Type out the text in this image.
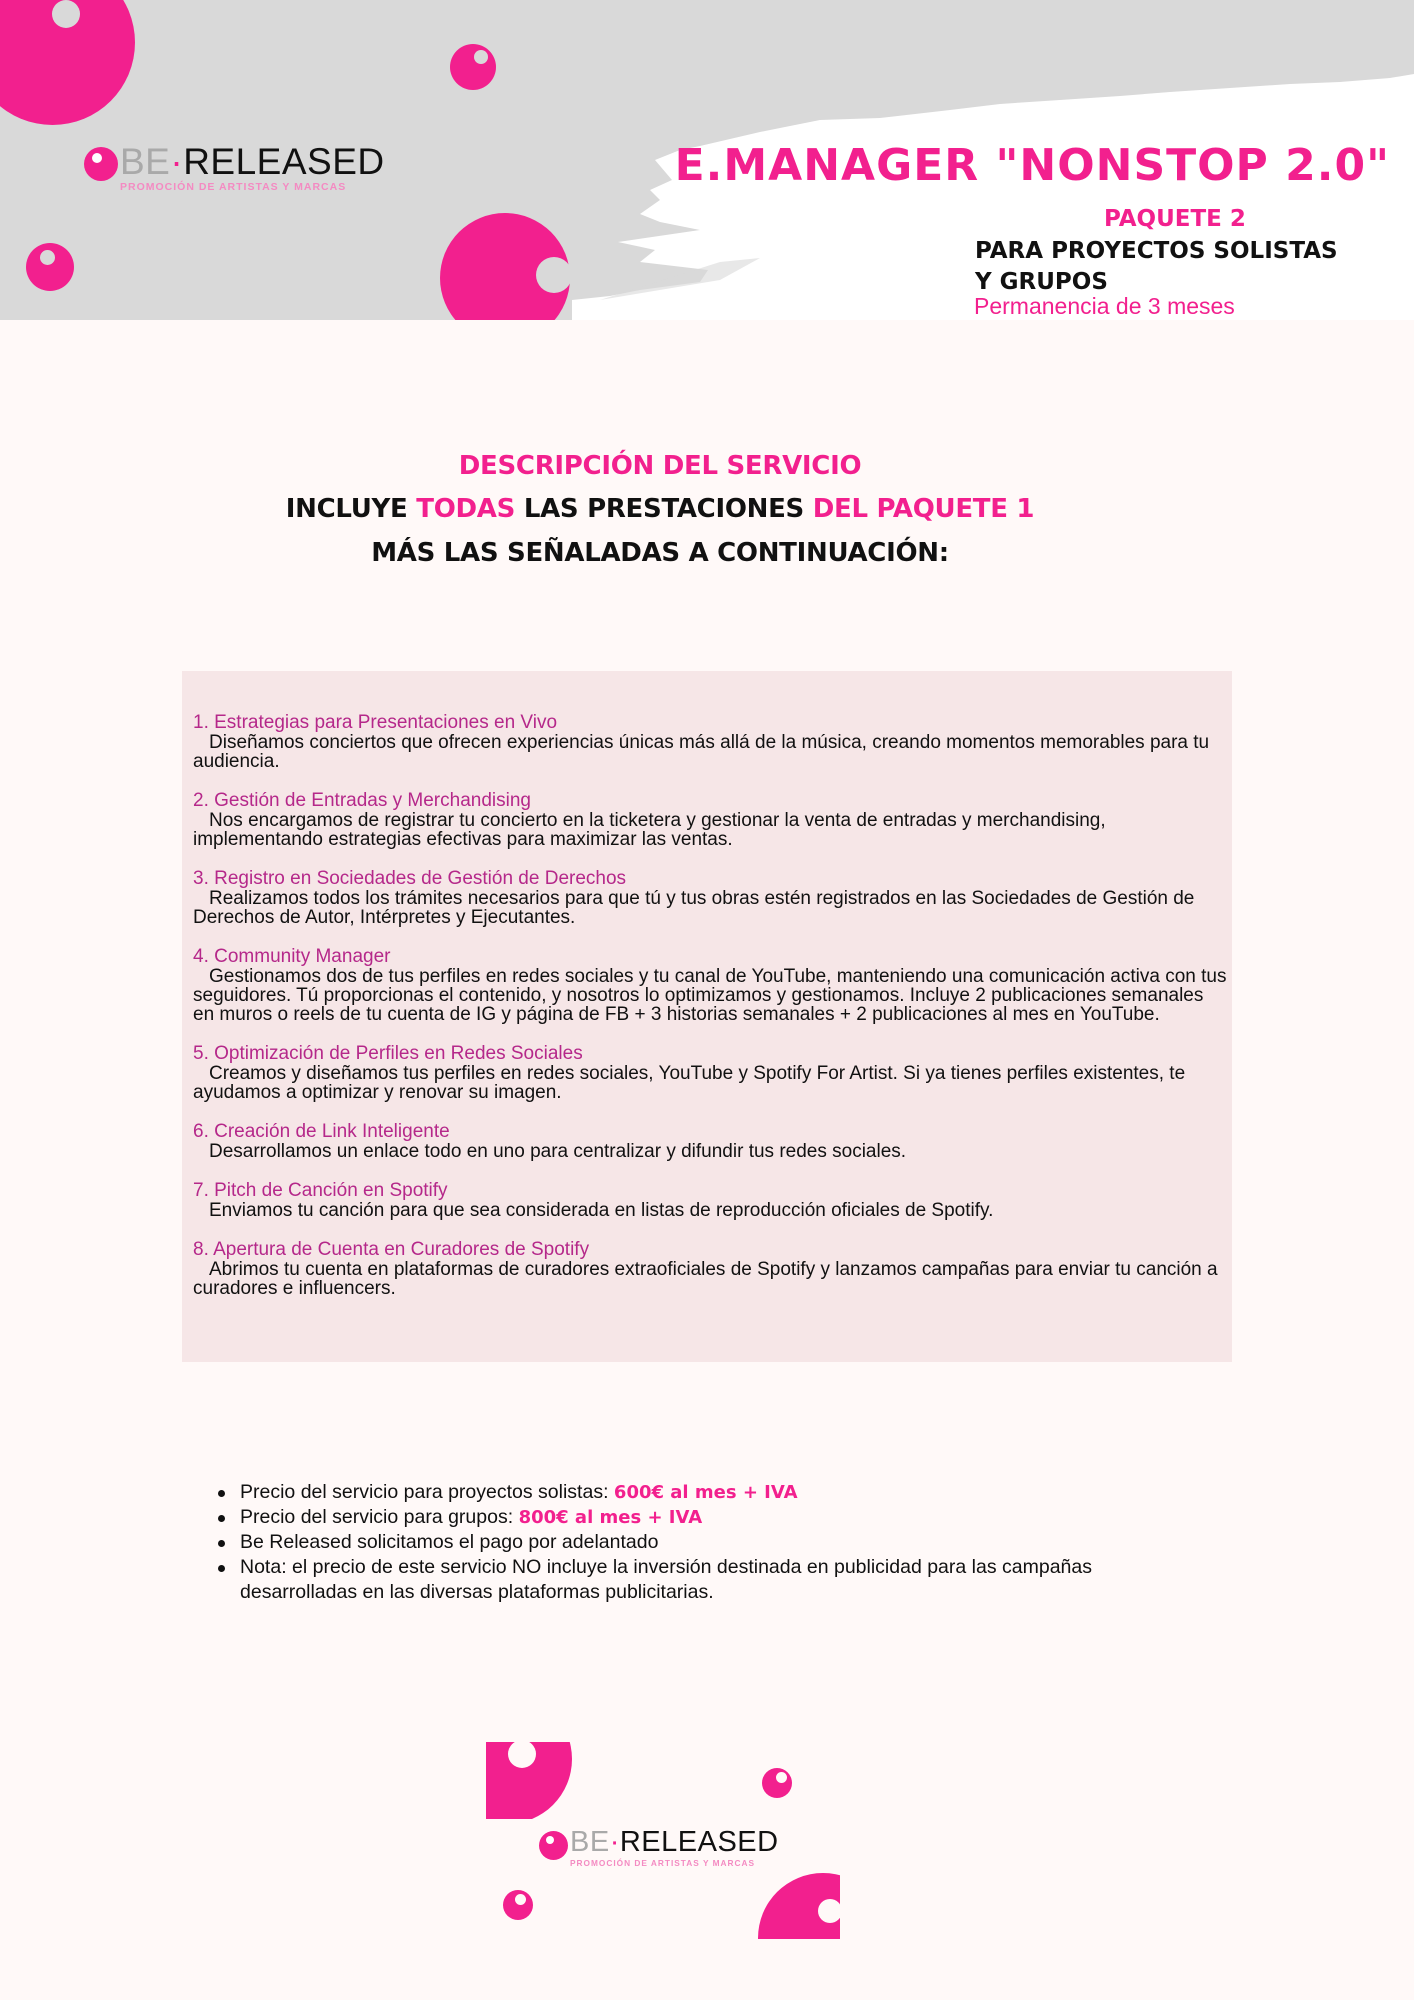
BE·RELEASED
PROMOCIÓN DE ARTISTAS Y MARCAS	E.MANAGER "NONSTOP 2.0"
PAQUETE 2
PARA PROYECTOS SOLISTAS
Y GRUPOS
Permanencia de 3 meses
DESCRIPCIÓN DEL SERVICIO
INCLUYE TODAS LAS PRESTACIONES DEL PAQUETE 1
MÁS LAS SEÑALADAS A CONTINUACIÓN:
1. Estrategias para Presentaciones en Vivo
Diseñamos conciertos que ofrecen experiencias únicas más allá de la música, creando momentos memorables para tu audiencia.
2. Gestión de Entradas y Merchandising
Nos encargamos de registrar tu concierto en la ticketera y gestionar la venta de entradas y merchandising, implementando estrategias efectivas para maximizar las ventas.
3. Registro en Sociedades de Gestión de Derechos
Realizamos todos los trámites necesarios para que tú y tus obras estén registrados en las Sociedades de Gestión de Derechos de Autor, Intérpretes y Ejecutantes.
4. Community Manager
Gestionamos dos de tus perfiles en redes sociales y tu canal de YouTube, manteniendo una comunicación activa con tus seguidores. Tú proporcionas el contenido, y nosotros lo optimizamos y gestionamos. Incluye 2 publicaciones semanales en muros o reels de tu cuenta de IG y página de FB + 3 historias semanales + 2 publicaciones al mes en YouTube.
5. Optimización de Perfiles en Redes Sociales
Creamos y diseñamos tus perfiles en redes sociales, YouTube y Spotify For Artist. Si ya tienes perfiles existentes, te ayudamos a optimizar y renovar su imagen.
6. Creación de Link Inteligente
Desarrollamos un enlace todo en uno para centralizar y difundir tus redes sociales.
7. Pitch de Canción en Spotify
Enviamos tu canción para que sea considerada en listas de reproducción oficiales de Spotify.
8. Apertura de Cuenta en Curadores de Spotify
Abrimos tu cuenta en plataformas de curadores extraoficiales de Spotify y lanzamos campañas para enviar tu canción a curadores e influencers.
Precio del servicio para proyectos solistas: 600€ al mes + IVA
Precio del servicio para grupos: 800€ al mes + IVA
Be Released solicitamos el pago por adelantado
Nota: el precio de este servicio NO incluye la inversión destinada en publicidad para las campañas desarrolladas en las diversas plataformas publicitarias.
BE·RELEASED
PROMOCIÓN DE ARTISTAS Y MARCAS
